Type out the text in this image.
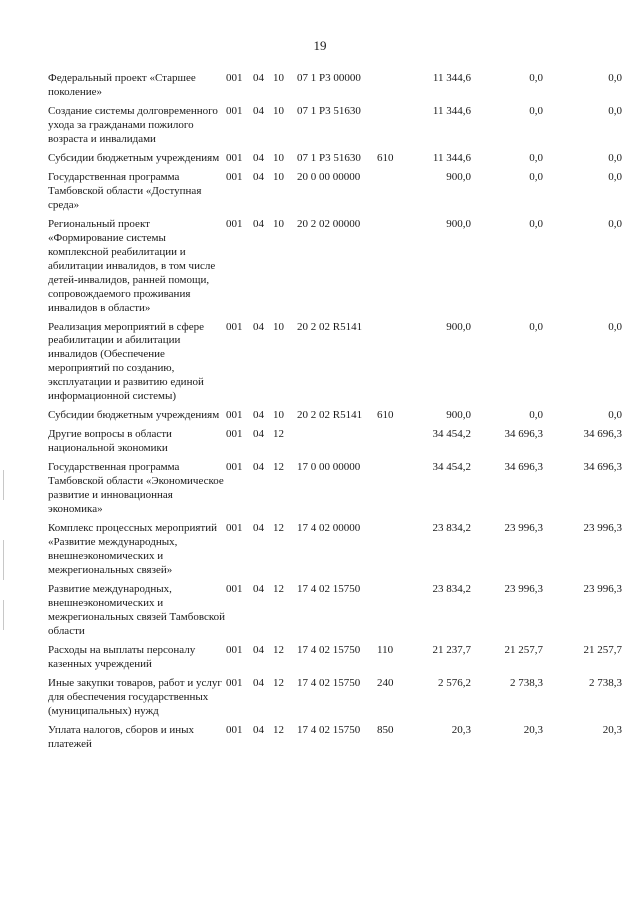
19
Федеральный проект «Старшее поколение»	001	04	10	07 1 Р3 00000		11 344,6	0,0	0,0
Создание системы долговременного ухода за гражданами пожилого возраста и инвалидами	001	04	10	07 1 Р3 51630		11 344,6	0,0	0,0
Субсидии бюджетным учреждениям	001	04	10	07 1 Р3 51630	610	11 344,6	0,0	0,0
Государственная программа Тамбовской области «Доступная среда»	001	04	10	20 0 00 00000		900,0	0,0	0,0
Региональный проект «Формирование системы комплексной реабилитации и абилитации инвалидов, в том числе детей-инвалидов, ранней помощи, сопровождаемого проживания инвалидов в области»	001	04	10	20 2 02 00000		900,0	0,0	0,0
Реализация мероприятий в сфере реабилитации и абилитации инвалидов (Обеспечение мероприятий по созданию, эксплуатации и развитию единой информационной системы)	001	04	10	20 2 02 R5141		900,0	0,0	0,0
Субсидии бюджетным учреждениям	001	04	10	20 2 02 R5141	610	900,0	0,0	0,0
Другие вопросы в области национальной экономики	001	04	12			34 454,2	34 696,3	34 696,3
Государственная программа Тамбовской области «Экономическое развитие и инновационная экономика»	001	04	12	17 0 00 00000		34 454,2	34 696,3	34 696,3
Комплекс процессных мероприятий «Развитие международных, внешнеэкономических и межрегиональных связей»	001	04	12	17 4 02 00000		23 834,2	23 996,3	23 996,3
Развитие международных, внешнеэкономических и межрегиональных связей Тамбовской области	001	04	12	17 4 02 15750		23 834,2	23 996,3	23 996,3
Расходы на выплаты персоналу казенных учреждений	001	04	12	17 4 02 15750	110	21 237,7	21 257,7	21 257,7
Иные закупки товаров, работ и услуг для обеспечения государственных (муниципальных) нужд	001	04	12	17 4 02 15750	240	2 576,2	2 738,3	2 738,3
Уплата налогов, сборов и иных платежей	001	04	12	17 4 02 15750	850	20,3	20,3	20,3
